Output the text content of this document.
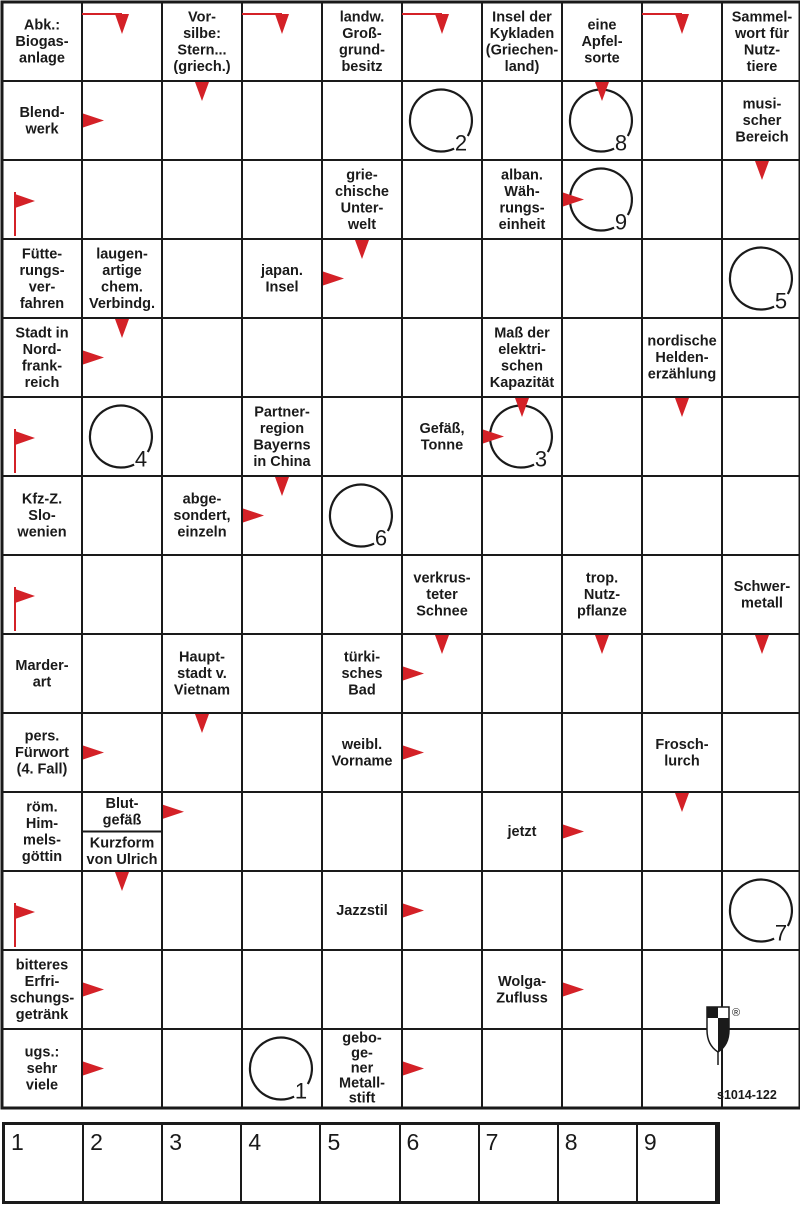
2	8
9
5
4	3
6
7
1
Abk.: Biogas-anlage
Vor-silbe: Stern... (griech.)
landw. Groß-grund-besitz
Insel der Kykladen (Griechen-land)
eine Apfel-sorte
Sammel-wort für Nutz-tiere
Blend-werk
musi-scher Bereich
grie-chische Unter-welt
alban. Wäh-rungs-einheit
Fütte-rungs-ver-fahren
laugen-artige chem. Verbindg.
japan. Insel
Stadt in Nord-frank-reich
Maß der elektri-schen Kapazität
nordische Helden-erzählung
Partner-region Bayerns in China
Gefäß, Tonne
Kfz-Z. Slo-wenien
abge-sondert, einzeln
verkrus-teter Schnee
trop. Nutz-pflanze
Schwer-metall
Marder-art
Haupt-stadt v. Vietnam
türki-sches Bad
pers. Fürwort (4. Fall)
weibl. Vorname
Frosch-lurch
röm. Him-mels-göttin
Blut-gefäß
Kurzform von Ulrich
jetzt
Jazzstil
bitteres Erfri-schungs-getränk
Wolga-Zufluss
ugs.: sehr viele
gebo-ge-ner Metall-stift
®
s1014-122
1	2	3	4	5	6	7	8	9
